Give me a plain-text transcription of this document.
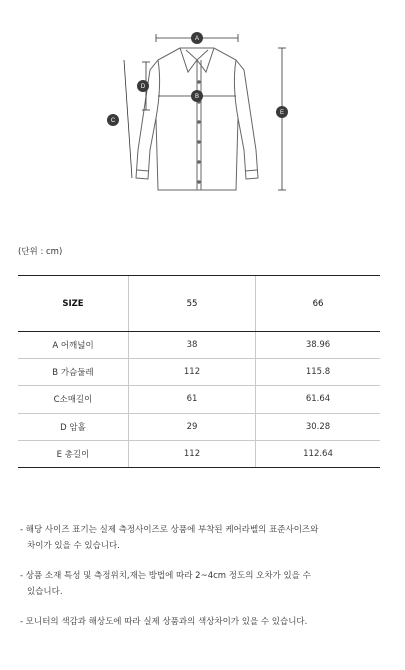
A
B
C
D
E
(단위 : cm)
SIZE	55	66
A 어깨넓이	38	38.96
B 가슴둘레	112	115.8
C소매길이	61	61.64
D 암홀	29	30.28
E 총길이	112	112.64

- 해당 사이즈 표기는 실제 측정사이즈로 상품에 부착된 케어라벨의 표준사이즈와
차이가 있을 수 있습니다.

- 상품 소재 특성 및 측정위치,재는 방법에 따라 2~4cm 정도의 오차가 있을 수
있습니다.

- 모니터의 색감과 해상도에 따라 실제 상품과의 색상차이가 있을 수 있습니다.
